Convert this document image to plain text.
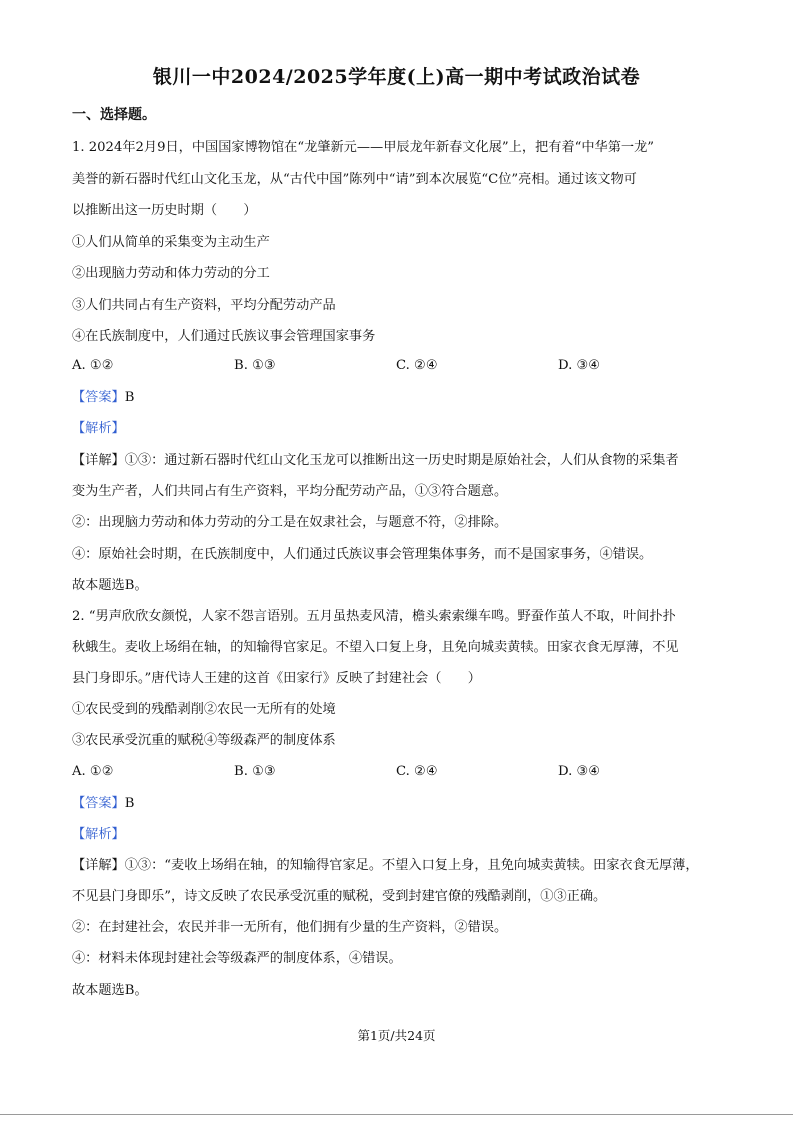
银川一中2024/2025学年度(上)高一期中考试政治试卷
一、选择题。
1. 2024年2月9日，中国国家博物馆在“龙肇新元——甲辰龙年新春文化展”上，把有着“中华第一龙”
美誉的新石器时代红山文化玉龙，从“古代中国”陈列中“请”到本次展览“C位”亮相。通过该文物可
以推断出这一历史时期（　　）
①人们从简单的采集变为主动生产
②出现脑力劳动和体力劳动的分工
③人们共同占有生产资料，平均分配劳动产品
④在氏族制度中，人们通过氏族议事会管理国家事务
A. ①②	B. ①③	C. ②④	D. ③④
【答案】B
【解析】
【详解】①③：通过新石器时代红山文化玉龙可以推断出这一历史时期是原始社会，人们从食物的采集者
变为生产者，人们共同占有生产资料，平均分配劳动产品，①③符合题意。
②：出现脑力劳动和体力劳动的分工是在奴隶社会，与题意不符，②排除。
④：原始社会时期，在氏族制度中，人们通过氏族议事会管理集体事务，而不是国家事务，④错误。
故本题选B。
2. “男声欣欣女颜悦，人家不怨言语别。五月虽热麦风清，檐头索索缫车鸣。野蚕作茧人不取，叶间扑扑
秋蛾生。麦收上场绢在轴，的知输得官家足。不望入口复上身，且免向城卖黄犊。田家衣食无厚薄，不见
县门身即乐。”唐代诗人王建的这首《田家行》反映了封建社会（　　）
①农民受到的残酷剥削②农民一无所有的处境
③农民承受沉重的赋税④等级森严的制度体系
A. ①②	B. ①③	C. ②④	D. ③④
【答案】B
【解析】
【详解】①③：“麦收上场绢在轴，的知输得官家足。不望入口复上身，且免向城卖黄犊。田家衣食无厚薄，
不见县门身即乐”，诗文反映了农民承受沉重的赋税，受到封建官僚的残酷剥削，①③正确。
②：在封建社会，农民并非一无所有，他们拥有少量的生产资料，②错误。
④：材料未体现封建社会等级森严的制度体系，④错误。
故本题选B。
第1页/共24页
